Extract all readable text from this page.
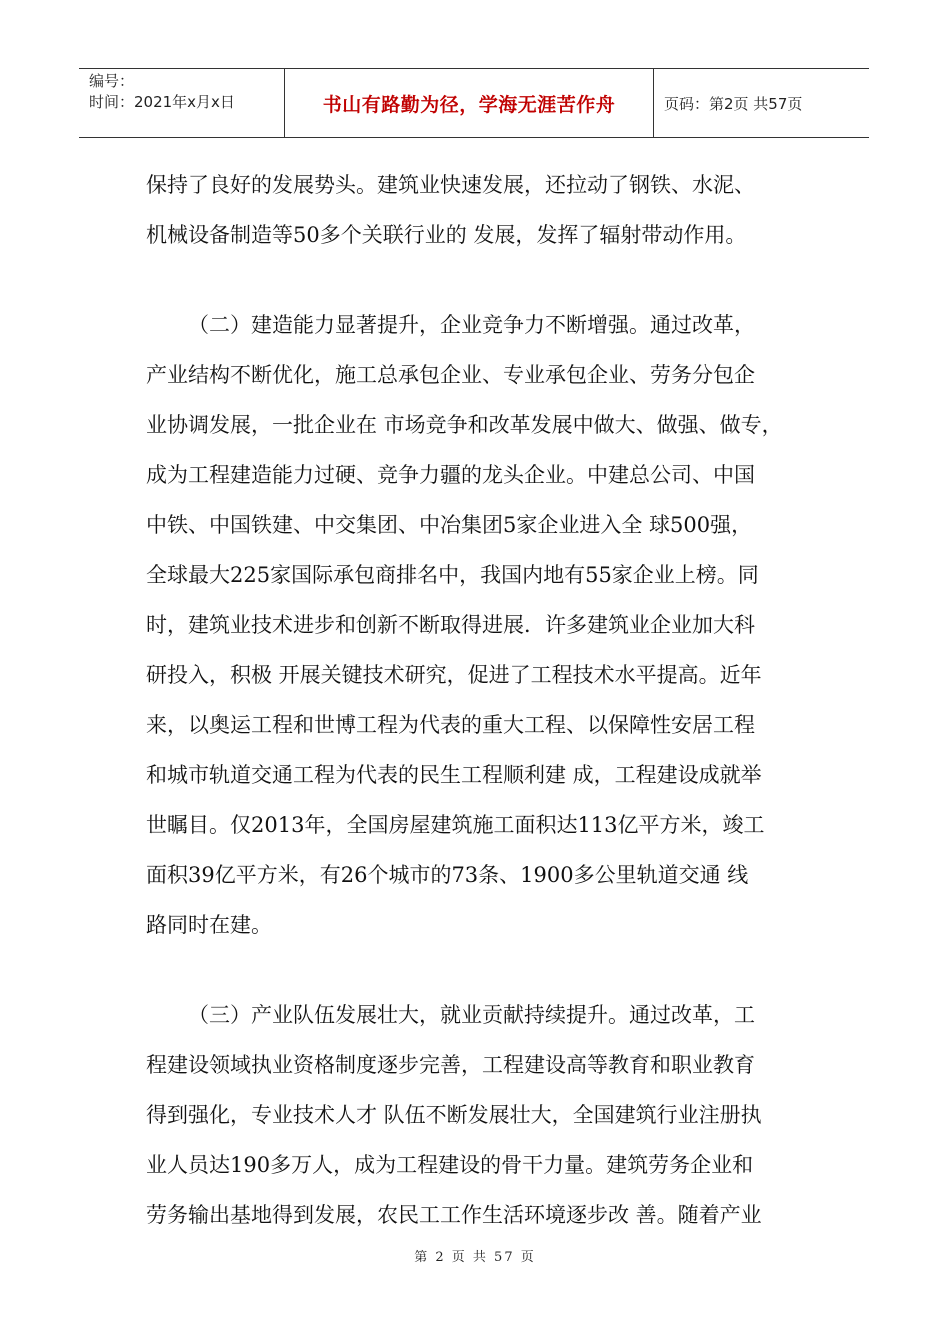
编号：
时间：2021年x月x日	书山有路勤为径，学海无涯苦作舟	页码：第2页 共57页
保持了良好的发展势头。建筑业快速发展，还拉动了钢铁、水泥、
机械设备制造等50多个关联行业的 发展，发挥了辐射带动作用。
（二）建造能力显著提升，企业竞争力不断增强。通过改革，
产业结构不断优化，施工总承包企业、专业承包企业、劳务分包企
业协调发展，一批企业在 市场竞争和改革发展中做大、做强、做专，
成为工程建造能力过硬、竞争力疆的龙头企业。中建总公司、中国
中铁、中国铁建、中交集团、中冶集团5家企业进入全 球500强，
全球最大225家国际承包商排名中，我国内地有55家企业上榜。同
时，建筑业技术进步和创新不断取得进展．许多建筑业企业加大科
研投入，积极 开展关键技术研究，促进了工程技术水平提高。近年
来，以奥运工程和世博工程为代表的重大工程、以保障性安居工程
和城市轨道交通工程为代表的民生工程顺利建 成，工程建设成就举
世瞩目。仅2013年，全国房屋建筑施工面积达113亿平方米，竣工
面积39亿平方米，有26个城市的73条、1900多公里轨道交通 线
路同时在建。
（三）产业队伍发展壮大，就业贡献持续提升。通过改革，工
程建设领域执业资格制度逐步完善，工程建设高等教育和职业教育
得到强化，专业技术人才 队伍不断发展壮大，全国建筑行业注册执
业人员达190多万人，成为工程建设的骨干力量。建筑劳务企业和
劳务输出基地得到发展，农民工工作生活环境逐步改 善。随着产业
第 2 页 共 57 页
